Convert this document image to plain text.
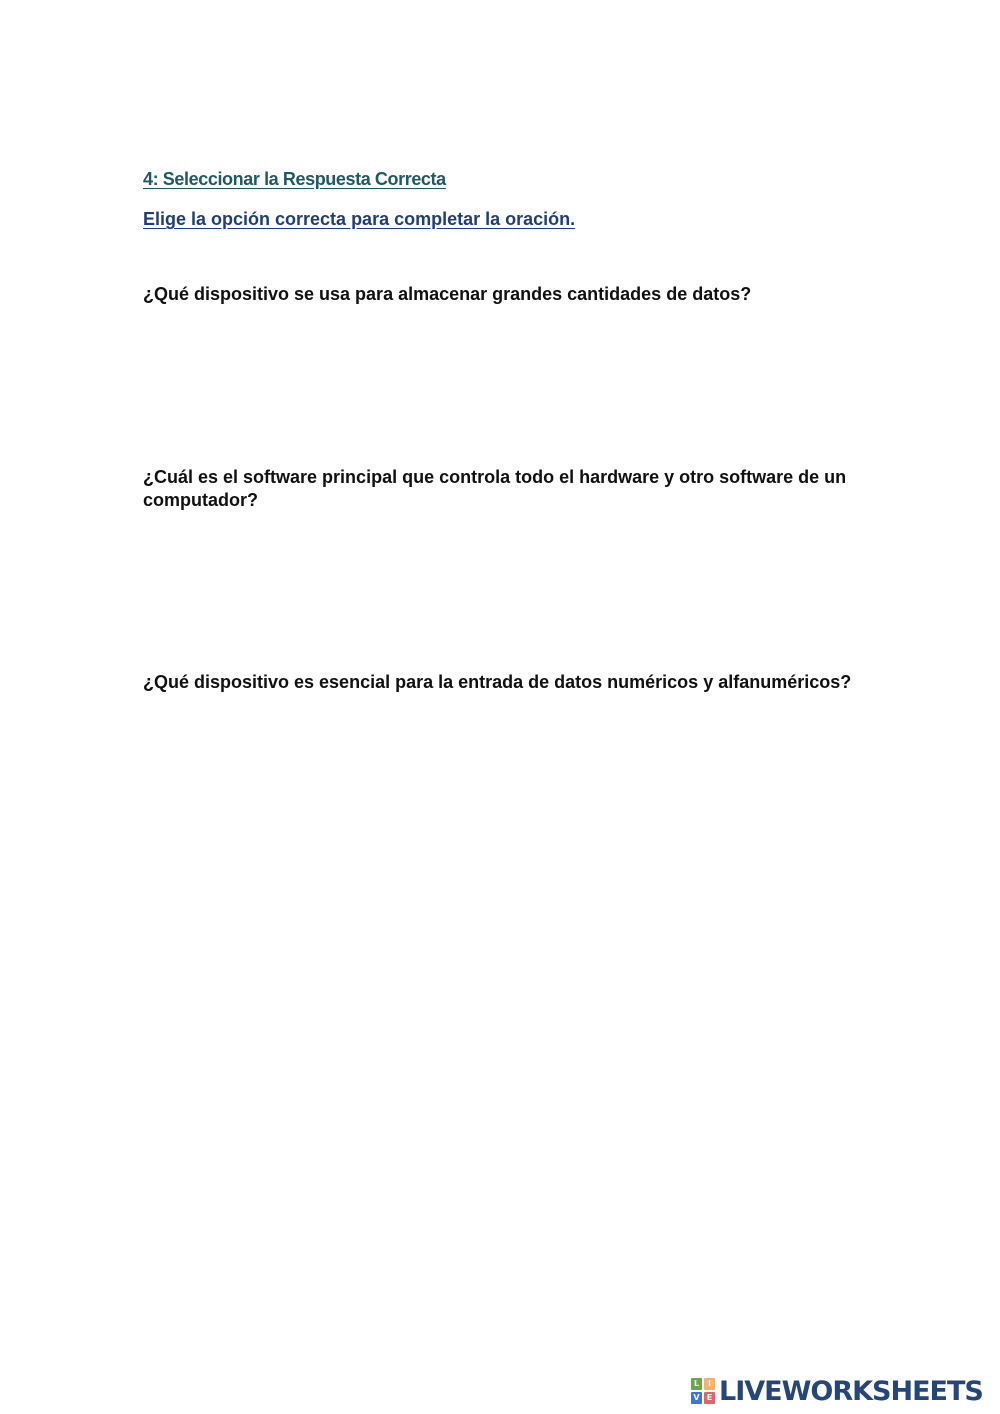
4: Seleccionar la Respuesta Correcta

Elige la opción correcta para completar la oración.

¿Qué dispositivo se usa para almacenar grandes cantidades de datos?

¿Cuál es el software principal que controla todo el hardware y otro software de un computador?

¿Qué dispositivo es esencial para la entrada de datos numéricos y alfanuméricos?

L	I
V E LIVEWORKSHEETS
